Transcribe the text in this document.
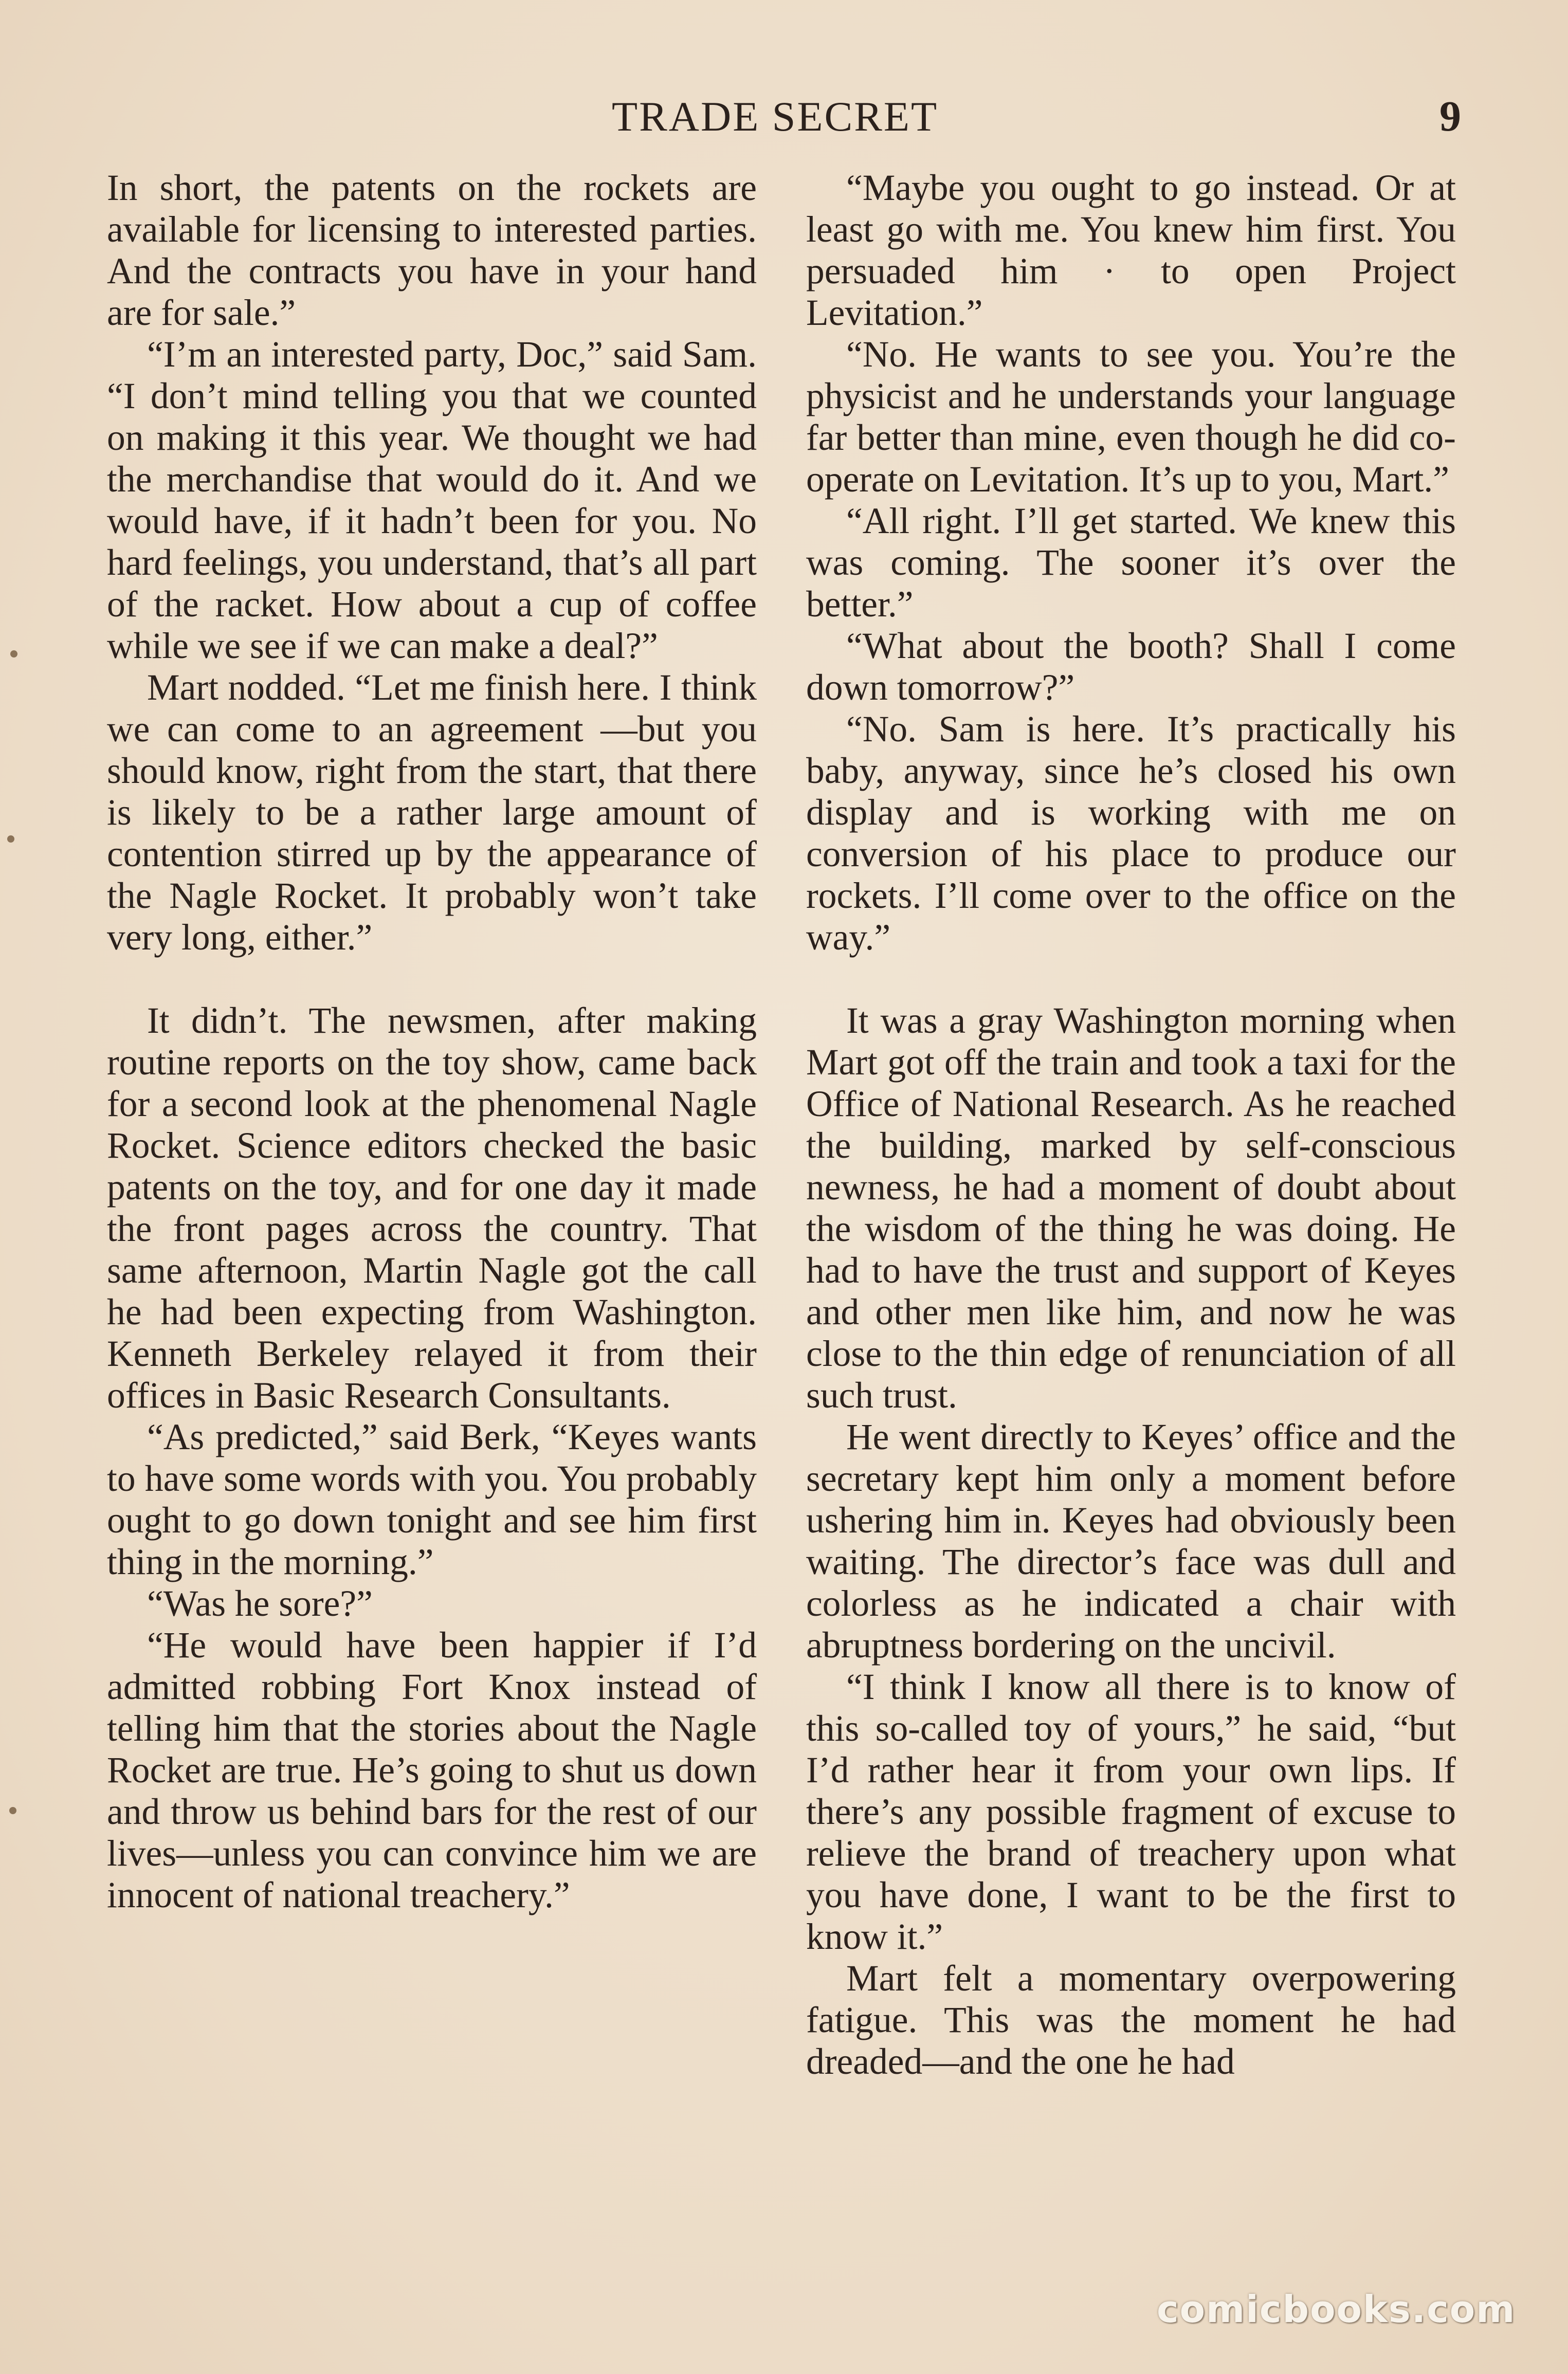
TRADE SECRET	9

In short, the patents on the rockets are available for licensing to interested parties. And the contracts you have in your hand are for sale.”

“I’m an interested party, Doc,” said Sam. “I don’t mind telling you that we counted on making it this year. We thought we had the merchandise that would do it. And we would have, if it hadn’t been for you. No hard feelings, you understand, that’s all part of the racket. How about a cup of coffee while we see if we can make a deal?”

Mart nodded. “Let me finish here. I think we can come to an agreement —but you should know, right from the start, that there is likely to be a rather large amount of contention stirred up by the appearance of the Nagle Rocket. It probably won’t take very long, either.”

It didn’t. The newsmen, after making routine reports on the toy show, came back for a second look at the phenomenal Nagle Rocket. Science editors checked the basic patents on the toy, and for one day it made the front pages across the country. That same afternoon, Martin Nagle got the call he had been expecting from Washington. Kenneth Berkeley relayed it from their offices in Basic Research Consultants.

“As predicted,” said Berk, “Keyes wants to have some words with you. You probably ought to go down tonight and see him first thing in the morning.”

“Was he sore?”

“He would have been happier if I’d admitted robbing Fort Knox instead of telling him that the stories about the Nagle Rocket are true. He’s going to shut us down and throw us behind bars for the rest of our lives—unless you can convince him we are innocent of national treachery.”

“Maybe you ought to go instead. Or at least go with me. You knew him first. You persuaded him · to open Project Levitation.”

“No. He wants to see you. You’re the physicist and he understands your language far better than mine, even though he did co-operate on Levitation. It’s up to you, Mart.”

“All right. I’ll get started. We knew this was coming. The sooner it’s over the better.”

“What about the booth? Shall I come down tomorrow?”

“No. Sam is here. It’s practically his baby, anyway, since he’s closed his own display and is working with me on conversion of his place to produce our rockets. I’ll come over to the office on the way.”

It was a gray Washington morning when Mart got off the train and took a taxi for the Office of National Research. As he reached the building, marked by self-conscious newness, he had a moment of doubt about the wisdom of the thing he was doing. He had to have the trust and support of Keyes and other men like him, and now he was close to the thin edge of renunciation of all such trust.

He went directly to Keyes’ office and the secretary kept him only a moment before ushering him in. Keyes had obviously been waiting. The director’s face was dull and colorless as he indicated a chair with abruptness bordering on the uncivil.

“I think I know all there is to know of this so-called toy of yours,” he said, “but I’d rather hear it from your own lips. If there’s any possible fragment of excuse to relieve the brand of treachery upon what you have done, I want to be the first to know it.”

Mart felt a momentary overpowering fatigue. This was the moment he had dreaded—and the one he had

comicbooks.com
